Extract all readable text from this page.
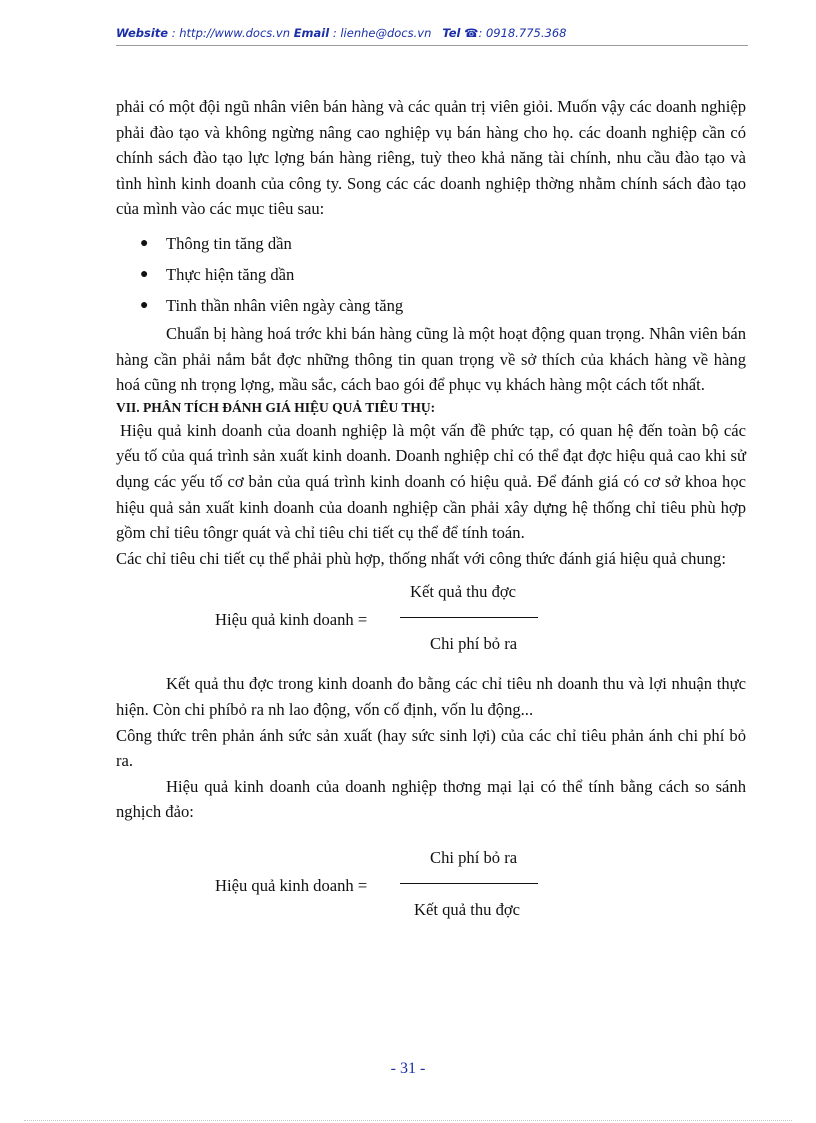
Website : http://www.docs.vn Email : lienhe@docs.vn Tel ☎: 0918.775.368

phải có một đội ngũ nhân viên bán hàng và các quản trị viên giỏi. Muốn vậy các doanh nghiệp phải đào tạo và không ngừng nâng cao nghiệp vụ bán hàng cho họ. các doanh nghiệp cần có chính sách đào tạo lực lợng bán hàng riêng, tuỳ theo khả năng tài chính, nhu cầu đào tạo và tình hình kinh doanh của công ty. Song các các doanh nghiệp thờng nhằm chính sách đào tạo của mình vào các mục tiêu sau:

● Thông tin tăng dần
● Thực hiện tăng dần
● Tinh thần nhân viên ngày càng tăng

Chuẩn bị hàng hoá trớc khi bán hàng cũng là một hoạt động quan trọng. Nhân viên bán hàng cần phải nắm bắt đợc những thông tin quan trọng về sở thích của khách hàng về hàng hoá cũng nh trọng lợng, mầu sắc, cách bao gói để phục vụ khách hàng một cách tốt nhất.

VII. PHÂN TÍCH ĐÁNH GIÁ HIỆU QUẢ TIÊU THỤ:

Hiệu quả kinh doanh của doanh nghiệp là một vấn đề phức tạp, có quan hệ đến toàn bộ các yếu tố của quá trình sản xuất kinh doanh. Doanh nghiệp chỉ có thể đạt đợc hiệu quả cao khi sử dụng các yếu tố cơ bản của quá trình kinh doanh có hiệu quả. Để đánh giá có cơ sở khoa học hiệu quả sản xuất kinh doanh của doanh nghiệp cần phải xây dựng hệ thống chỉ tiêu phù hợp gồm chỉ tiêu tôngr quát và chỉ tiêu chi tiết cụ thể để tính toán.

Các chỉ tiêu chi tiết cụ thể phải phù hợp, thống nhất với công thức đánh giá hiệu quả chung:

Hiệu quả kinh doanh =
Kết quả thu đợc
Chi phí bỏ ra

Kết quả thu đợc trong kinh doanh đo bằng các chỉ tiêu nh doanh thu và lợi nhuận thực hiện. Còn chi phíbỏ ra nh lao động, vốn cố định, vốn lu động...

Công thức trên phản ánh sức sản xuất (hay sức sinh lợi) của các chỉ tiêu phản ánh chi phí bỏ ra.

Hiệu quả kinh doanh của doanh nghiệp thơng mại lại có thể tính bằng cách so sánh nghịch đảo:

Hiệu quả kinh doanh =
Chi phí bỏ ra
Kết quả thu đợc
- 31 -
